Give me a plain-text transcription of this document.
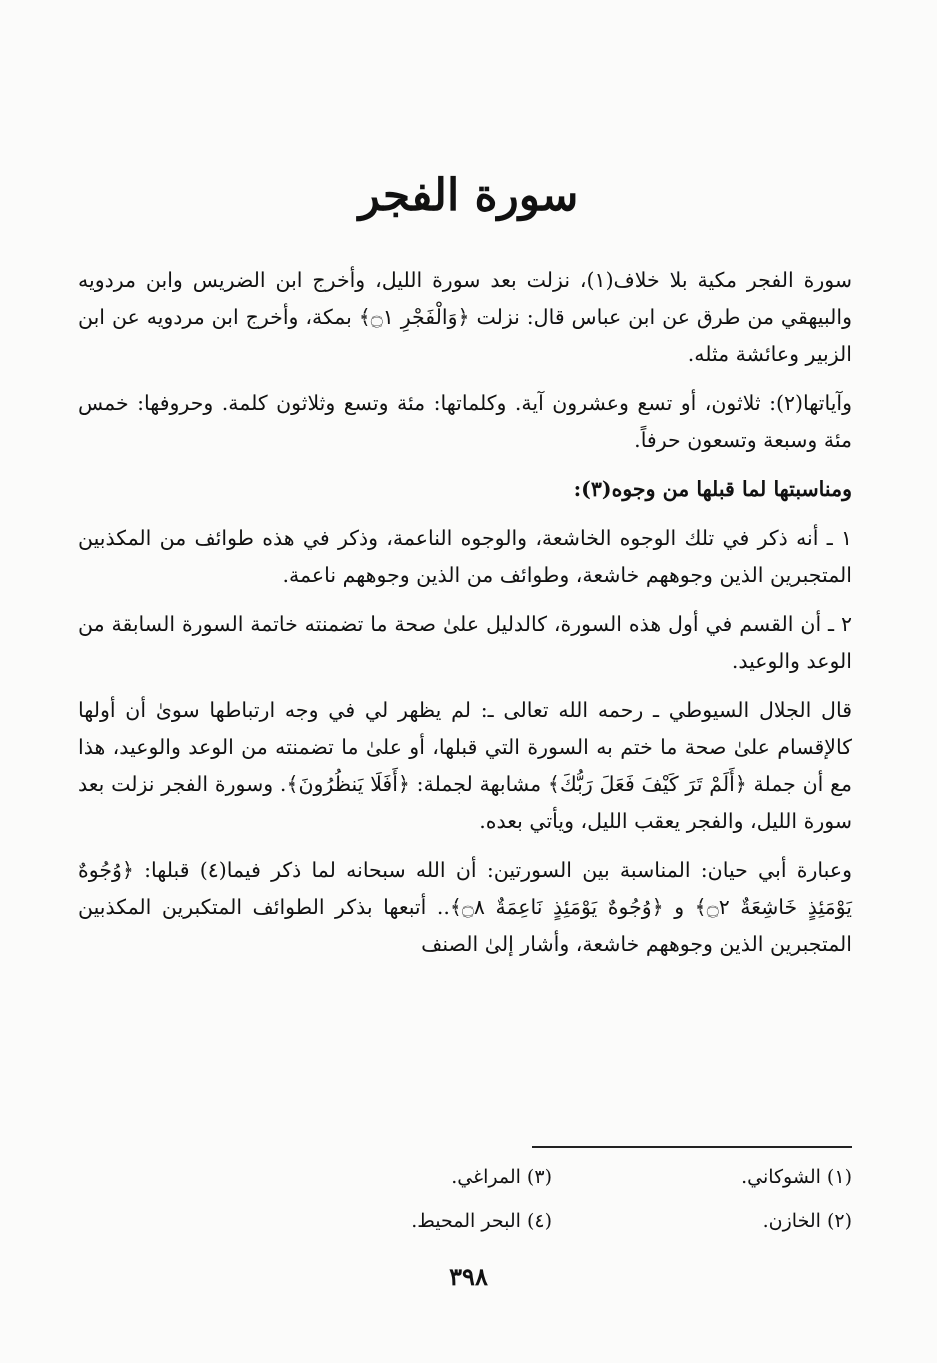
سورة الفجر

سورة الفجر مكية بلا خلاف(١)، نزلت بعد سورة الليل، وأخرج ابن الضريس وابن مردويه والبيهقي من طرق عن ابن عباس قال: نزلت ﴿وَالْفَجْرِ ۝١﴾ بمكة، وأخرج ابن مردويه عن ابن الزبير وعائشة مثله.

وآياتها(٢): ثلاثون، أو تسع وعشرون آية. وكلماتها: مئة وتسع وثلاثون كلمة. وحروفها: خمس مئة وسبعة وتسعون حرفاً.

ومناسبتها لما قبلها من وجوه(٣):

١ ـ أنه ذكر في تلك الوجوه الخاشعة، والوجوه الناعمة، وذكر في هذه طوائف من المكذبين المتجبرين الذين وجوههم خاشعة، وطوائف من الذين وجوههم ناعمة.

٢ ـ أن القسم في أول هذه السورة، كالدليل علىٰ صحة ما تضمنته خاتمة السورة السابقة من الوعد والوعيد.

قال الجلال السيوطي ـ رحمه الله تعالى ـ: لم يظهر لي في وجه ارتباطها سوىٰ أن أولها كالإقسام علىٰ صحة ما ختم به السورة التي قبلها، أو علىٰ ما تضمنته من الوعد والوعيد، هذا مع أن جملة ﴿أَلَمْ تَرَ كَيْفَ فَعَلَ رَبُّكَ﴾ مشابهة لجملة: ﴿أَفَلَا يَنظُرُونَ﴾. وسورة الفجر نزلت بعد سورة الليل، والفجر يعقب الليل، ويأتي بعده.

وعبارة أبي حيان: المناسبة بين السورتين: أن الله سبحانه لما ذكر فيما(٤) قبلها: ﴿وُجُوهٌ يَوْمَئِذٍ خَاشِعَةٌ ۝٢﴾ و ﴿وُجُوهٌ يَوْمَئِذٍ نَاعِمَةٌ ۝٨﴾.. أتبعها بذكر الطوائف المتكبرين المكذبين المتجبرين الذين وجوههم خاشعة، وأشار إلىٰ الصنف

(١) الشوكاني.
(٢) الخازن.
(٣) المراغي.
(٤) البحر المحيط.
٣٩٨
